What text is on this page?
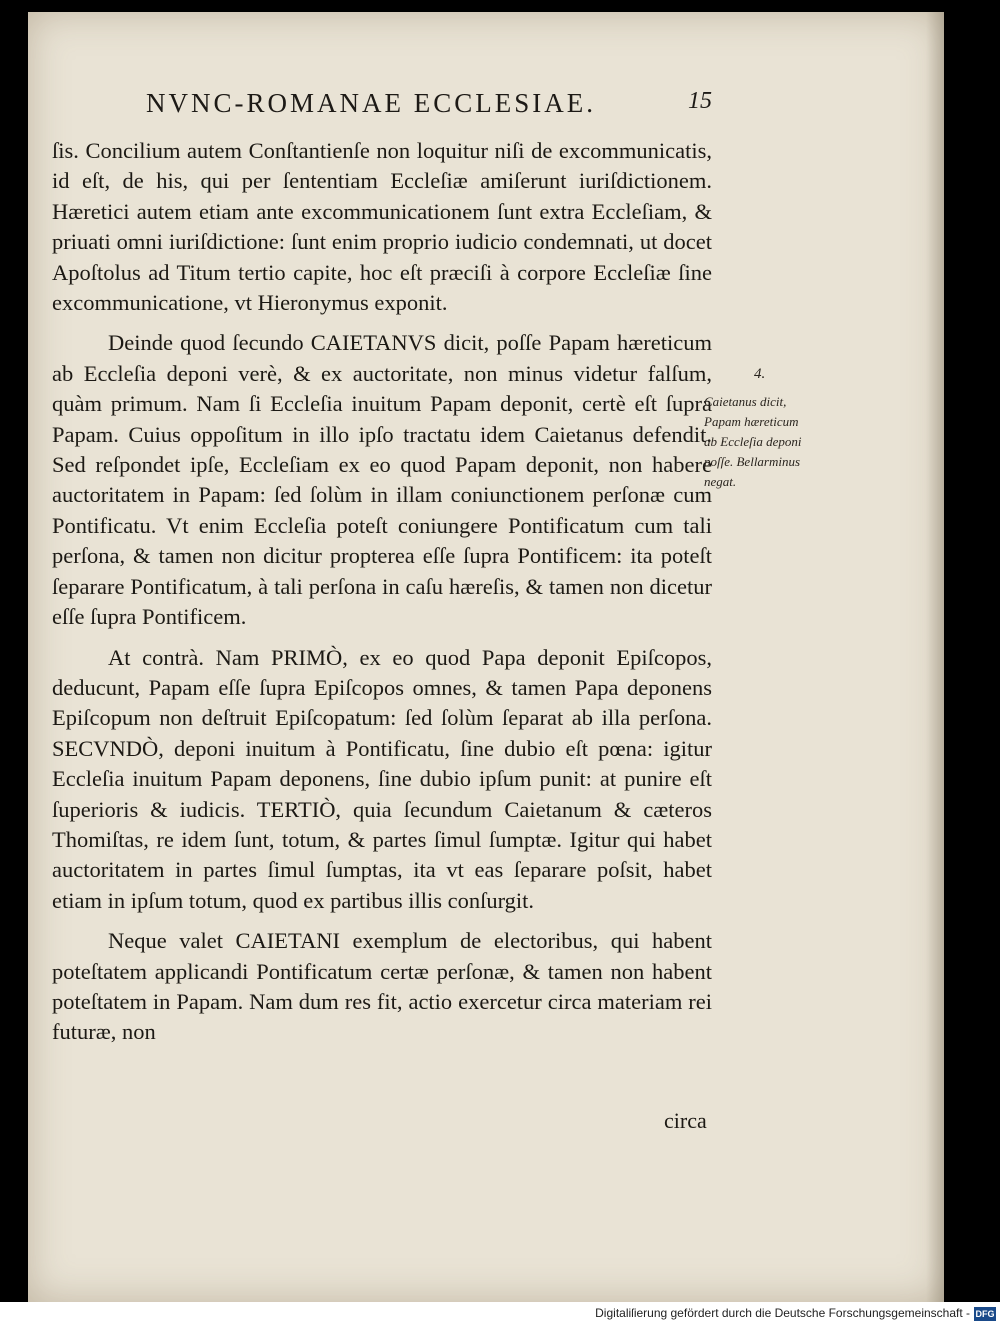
NVNC-ROMANAE ECCLESIAE.	15

ſis. Concilium autem Conſtantienſe non loquitur niſi de excommunicatis, id eſt, de his, qui per ſententiam Eccleſiæ amiſerunt iuriſdictionem. Hæretici autem etiam ante excommunicationem ſunt extra Eccleſiam, & priuati omni iuriſdictione: ſunt enim proprio iudicio condemnati, ut docet Apoſtolus ad Titum tertio capite, hoc eſt præciſi à corpore Eccleſiæ ſine excommunicatione, vt Hieronymus exponit.

Deinde quod ſecundo CAIETANVS dicit, poſſe Papam hæreticum ab Eccleſia deponi verè, & ex auctoritate, non minus videtur falſum, quàm primum. Nam ſi Eccleſia inuitum Papam deponit, certè eſt ſupra Papam. Cuius oppoſitum in illo ipſo tractatu idem Caietanus defendit. Sed reſpondet ipſe, Eccleſiam ex eo quod Papam deponit, non habere auctoritatem in Papam: ſed ſolùm in illam coniunctionem perſonæ cum Pontificatu. Vt enim Eccleſia poteſt coniungere Pontificatum cum tali perſona, & tamen non dicitur propterea eſſe ſupra Pontificem: ita poteſt ſeparare Pontificatum, à tali perſona in caſu hæreſis, & tamen non dicetur eſſe ſupra Pontificem.

At contrà. Nam PRIMÒ, ex eo quod Papa deponit Epiſcopos, deducunt, Papam eſſe ſupra Epiſcopos omnes, & tamen Papa deponens Epiſcopum non deſtruit Epiſcopatum: ſed ſolùm ſeparat ab illa perſona. SECVNDÒ, deponi inuitum à Pontificatu, ſine dubio eſt pœna: igitur Eccleſia inuitum Papam deponens, ſine dubio ipſum punit: at punire eſt ſuperioris & iudicis. TERTIÒ, quia ſecundum Caietanum & cæteros Thomiſtas, re idem ſunt, totum, & partes ſimul ſumptæ. Igitur qui habet auctoritatem in partes ſimul ſumptas, ita vt eas ſeparare poſsit, habet etiam in ipſum totum, quod ex partibus illis conſurgit.

Neque valet CAIETANI exemplum de electoribus, qui habent poteſtatem applicandi Pontificatum certæ perſonæ, & tamen non habent poteſtatem in Papam. Nam dum res fit, actio exercetur circa materiam rei futuræ, non

4.
Caietanus dicit, Papam hæreticum ab Eccleſia deponi poſſe. Bellarminus negat.
circa
Digitaliſierung gefördert durch die Deutsche Forschungsgemeinschaft - DFG
